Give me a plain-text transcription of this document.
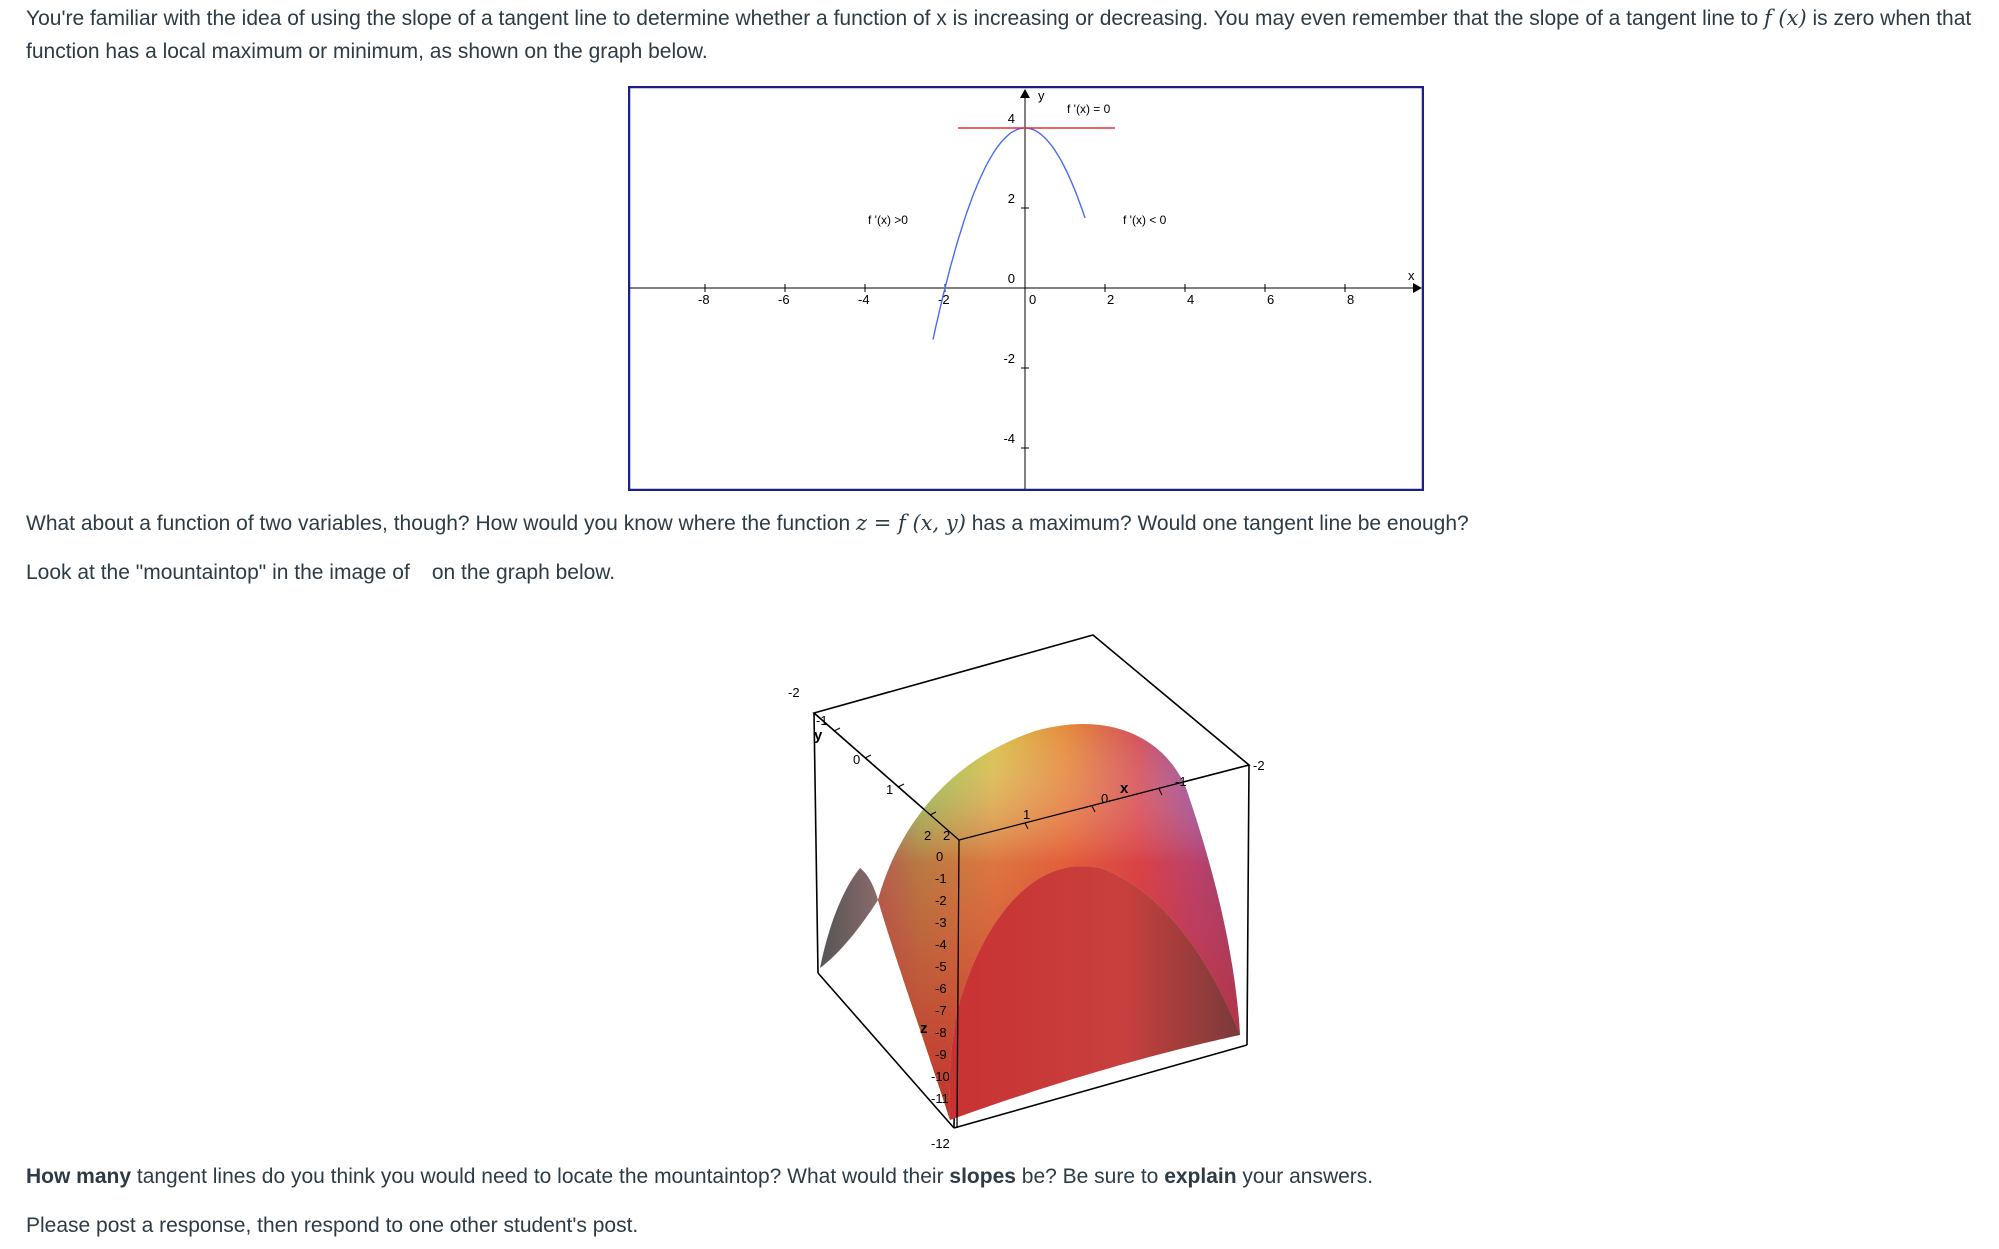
You're familiar with the idea of using the slope of a tangent line to determine whether a function of x is increasing or decreasing. You may even remember that the slope of a tangent line to f (x) is zero when that function has a local maximum or minimum, as shown on the graph below.

x
y
-8	-6	-4	-2	0	2	4	6	8
4
2
0
-2
-4
f '(x) = 0
f '(x) >0	f '(x) < 0

What about a function of two variables, though? How would you know where the function z = f (x, y) has a maximum? Would one tangent line be enough?

Look at the "mountaintop" in the image of on the graph below.

y
x
z
-2
-1
0
1
2 2
1
0
-1
-2
0
-1
-2
-3
-4
-5
-6
-7
-8
-9
-10
-11
-12

How many tangent lines do you think you would need to locate the mountaintop? What would their slopes be? Be sure to explain your answers.

Please post a response, then respond to one other student's post.
